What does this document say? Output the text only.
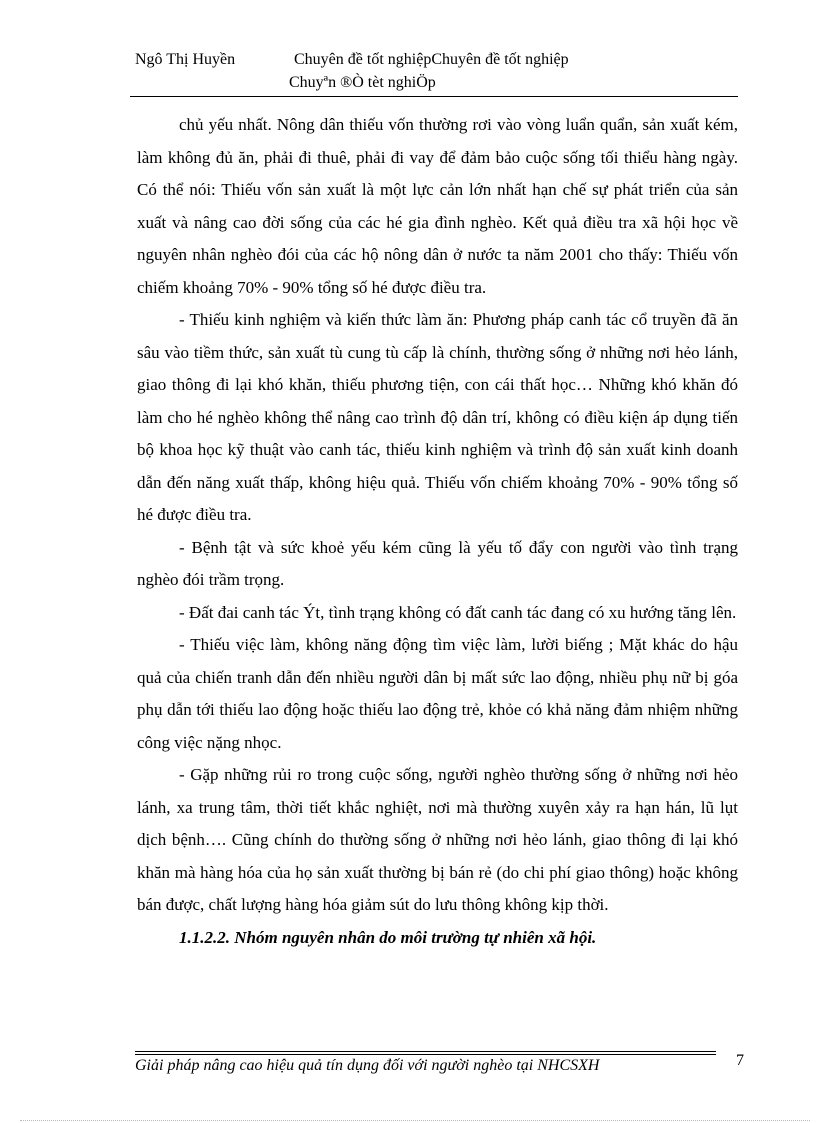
Ngô Thị Huyền	Chuyên đề tốt nghiệpChuyên đề tốt nghiệp
Chuyªn ®Ò tèt nghiÖp

chủ yếu nhất. Nông dân thiếu vốn thường rơi vào vòng luẩn quẩn, sản xuất kém, làm không đủ ăn, phải đi thuê, phải đi vay để đảm bảo cuộc sống tối thiểu hàng ngày. Có thể nói: Thiếu vốn sản xuất là một lực cản lớn nhất hạn chế sự phát triển của sản xuất và nâng cao đời sống của các hé gia đình nghèo. Kết quả điều tra xã hội học về nguyên nhân nghèo đói của các hộ nông dân ở nước ta năm 2001 cho thấy: Thiếu vốn chiếm khoảng 70% - 90% tổng số hé được điều tra.

- Thiếu kinh nghiệm và kiến thức làm ăn: Phương pháp canh tác cổ truyền đã ăn sâu vào tiềm thức, sản xuất tù cung tù cấp là chính, thường sống ở những nơi hẻo lánh, giao thông đi lại khó khăn, thiếu phương tiện, con cái thất học… Những khó khăn đó làm cho hé nghèo không thể nâng cao trình độ dân trí, không có điều kiện áp dụng tiến bộ khoa học kỹ thuật vào canh tác, thiếu kinh nghiệm và trình độ sản xuất kinh doanh dẫn đến năng xuất thấp, không hiệu quả. Thiếu vốn chiếm khoảng 70% - 90% tổng số hé được điều tra.

- Bệnh tật và sức khoẻ yếu kém cũng là yếu tố đẩy con người vào tình trạng nghèo đói trầm trọng.

- Đất đai canh tác Ýt, tình trạng không có đất canh tác đang có xu hướng tăng lên.

- Thiếu việc làm, không năng động tìm việc làm, lười biếng ; Mặt khác do hậu quả của chiến tranh dẫn đến nhiều người dân bị mất sức lao động, nhiều phụ nữ bị góa phụ dẫn tới thiếu lao động hoặc thiếu lao động trẻ, khỏe có khả năng đảm nhiệm những công việc nặng nhọc.

- Gặp những rủi ro trong cuộc sống, người nghèo thường sống ở những nơi hẻo lánh, xa trung tâm, thời tiết khắc nghiệt, nơi mà thường xuyên xảy ra hạn hán, lũ lụt dịch bệnh…. Cũng chính do thường sống ở những nơi hẻo lánh, giao thông đi lại khó khăn mà hàng hóa của họ sản xuất thường bị bán rẻ (do chi phí giao thông) hoặc không bán được, chất lượng hàng hóa giảm sút do lưu thông không kịp thời.

1.1.2.2. Nhóm nguyên nhân do môi trường tự nhiên xã hội.

Giải pháp nâng cao hiệu quả tín dụng đối với người nghèo tại NHCSXH	7
